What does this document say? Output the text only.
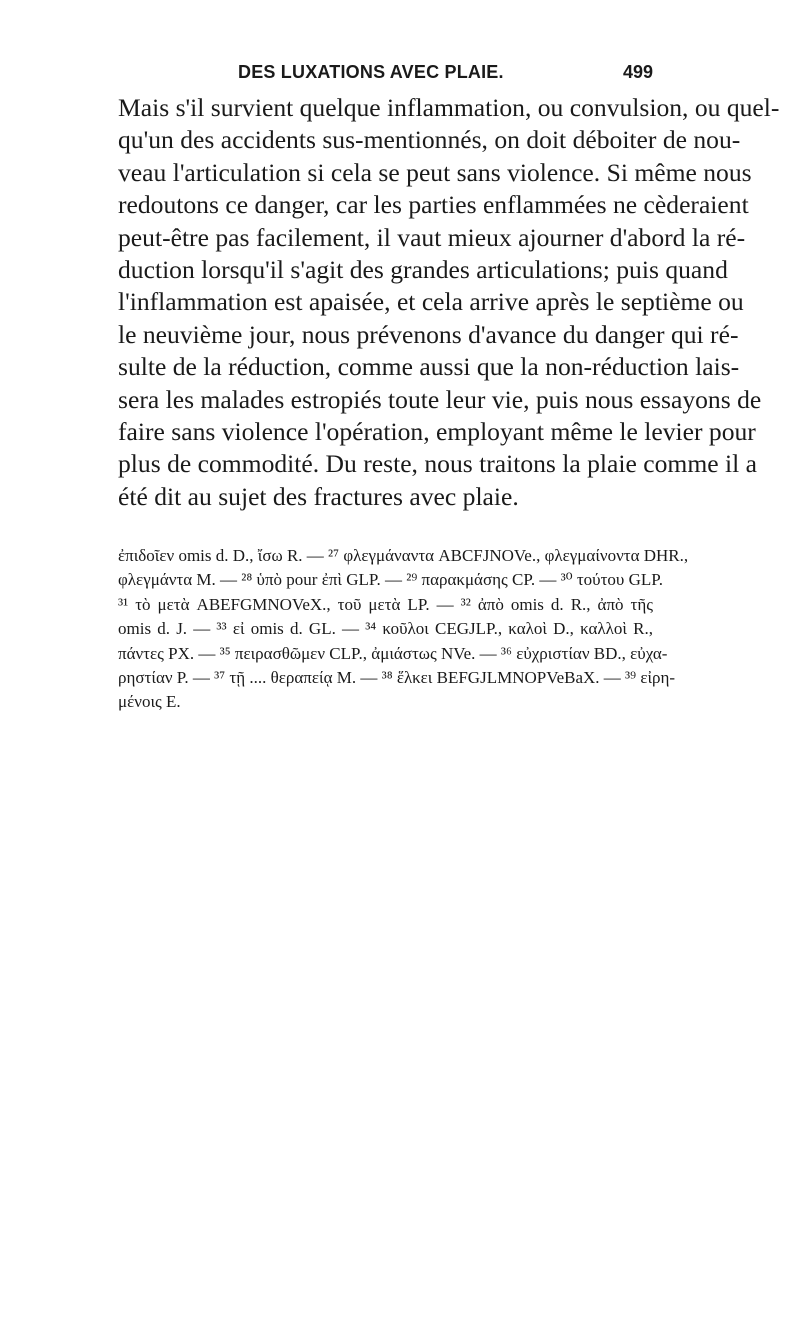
DES LUXATIONS AVEC PLAIE.	499
Mais s'il survient quelque inflammation, ou convulsion, ou quel-
qu'un des accidents sus-mentionnés, on doit déboiter de nou-
veau l'articulation si cela se peut sans violence. Si même nous
redoutons ce danger, car les parties enflammées ne cèderaient
peut-être pas facilement, il vaut mieux ajourner d'abord la ré-
duction lorsqu'il s'agit des grandes articulations; puis quand
l'inflammation est apaisée, et cela arrive après le septième ou
le neuvième jour, nous prévenons d'avance du danger qui ré-
sulte de la réduction, comme aussi que la non-réduction lais-
sera les malades estropiés toute leur vie, puis nous essayons de
faire sans violence l'opération, employant même le levier pour
plus de commodité. Du reste, nous traitons la plaie comme il a
été dit au sujet des fractures avec plaie.
ἐπιδοῖεν omis d. D., ἴσω R. — ²⁷ φλεγμάναντα ABCFJNOVe., φλεγμαίνοντα DHR.,
φλεγμάντα M. — ²⁸ ὑπὸ pour ἐπὶ GLP. — ²⁹ παρακμάσης CP. — ³⁰ τούτου GLP.
³¹ τὸ μετὰ ABEFGMNOVeX., τοῦ μετὰ LP. — ³² ἀπὸ omis d. R., ἀπὸ τῆς
omis d. J. — ³³ εἰ omis d. GL. — ³⁴ κοῦλοι CEGJLP., καλοὶ D., καλλοὶ R.,
πάντες PX. — ³⁵ πειρασθῶμεν CLP., ἀμιάστως NVe. — ³⁶ εὐχριστίαν BD., εὐχα-
ρηστίαν P. — ³⁷ τῇ .... θεραπείᾳ M. — ³⁸ ἕλκει BEFGJLMNOPVeBaX. — ³⁹ εἰρη-
μένοις E.
